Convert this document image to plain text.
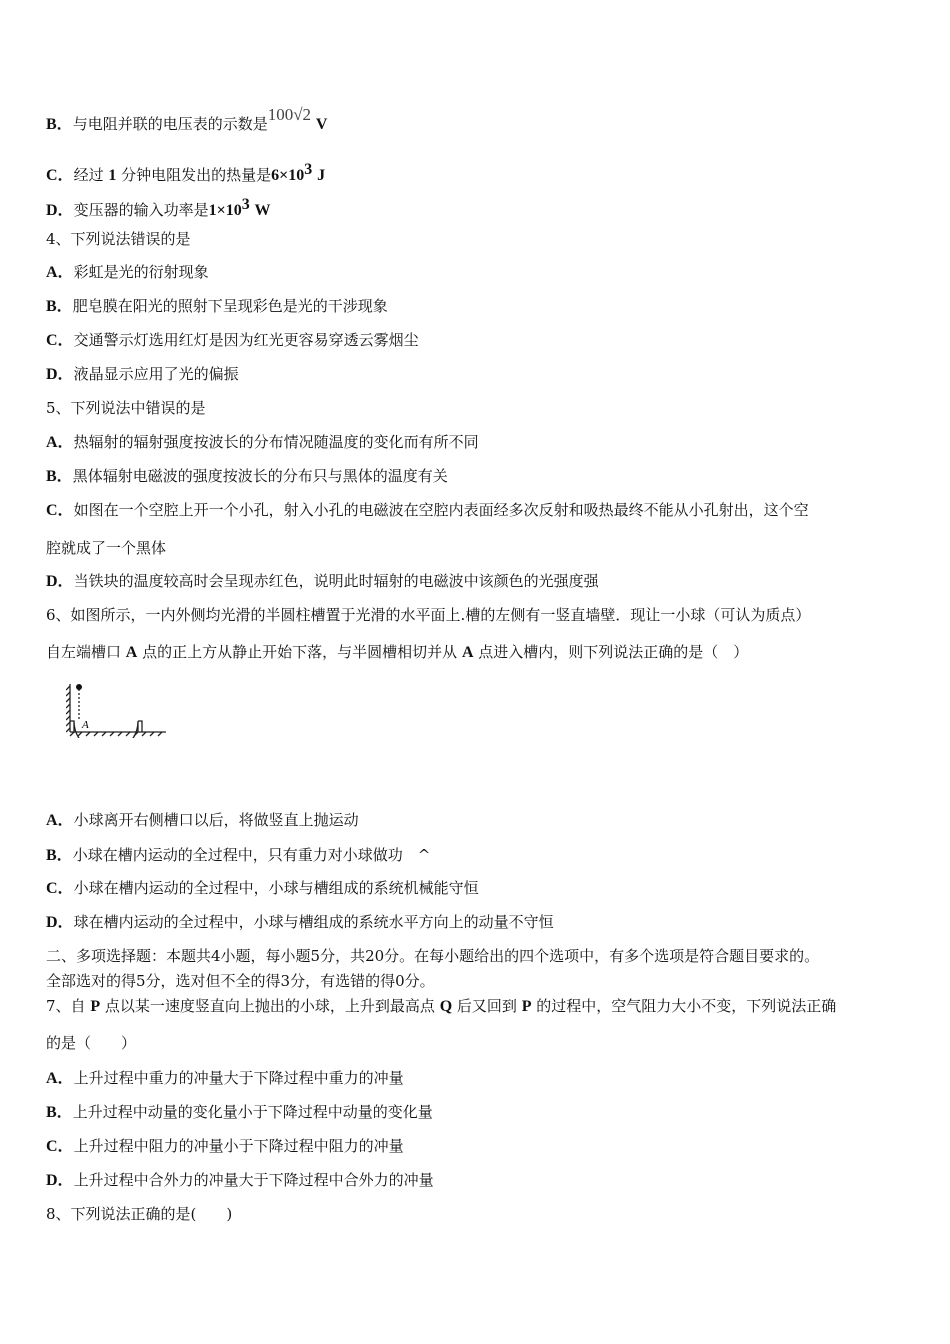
B．与电阻并联的电压表的示数是100√2 V
C．经过 1 分钟电阻发出的热量是$6\times 10^3$ J
D．变压器的输入功率是$1\times 10^3$ W
4、下列说法错误的是
A．彩虹是光的衍射现象
B．肥皂膜在阳光的照射下呈现彩色是光的干涉现象
C．交通警示灯选用红灯是因为红光更容易穿透云雾烟尘
D．液晶显示应用了光的偏振
5、下列说法中错误的是
A．热辐射的辐射强度按波长的分布情况随温度的变化而有所不同
B．黑体辐射电磁波的强度按波长的分布只与黑体的温度有关
C．如图在一个空腔上开一个小孔，射入小孔的电磁波在空腔内表面经多次反射和吸热最终不能从小孔射出，这个空
腔就成了一个黑体
D．当铁块的温度较高时会呈现赤红色，说明此时辐射的电磁波中该颜色的光强度强
6、如图所示，一内外侧均光滑的半圆柱槽置于光滑的水平面上.槽的左侧有一竖直墙壁．现让一小球（可认为质点）
自左端槽口 A 点的正上方从静止开始下落，与半圆槽相切并从 A 点进入槽内，则下列说法正确的是（　）
A
A．小球离开右侧槽口以后，将做竖直上抛运动
B．小球在槽内运动的全过程中，只有重力对小球做功　^
C．小球在槽内运动的全过程中，小球与槽组成的系统机械能守恒
D．球在槽内运动的全过程中，小球与槽组成的系统水平方向上的动量不守恒
二、多项选择题：本题共4小题，每小题5分，共20分。在每小题给出的四个选项中，有多个选项是符合题目要求的。
全部选对的得5分，选对但不全的得3分，有选错的得0分。
7、自 P 点以某一速度竖直向上抛出的小球，上升到最高点 Q 后又回到 P 的过程中，空气阻力大小不变，下列说法正确
的是（　　）
A．上升过程中重力的冲量大于下降过程中重力的冲量
B．上升过程中动量的变化量小于下降过程中动量的变化量
C．上升过程中阻力的冲量小于下降过程中阻力的冲量
D．上升过程中合外力的冲量大于下降过程中合外力的冲量
8、下列说法正确的是(　　)
